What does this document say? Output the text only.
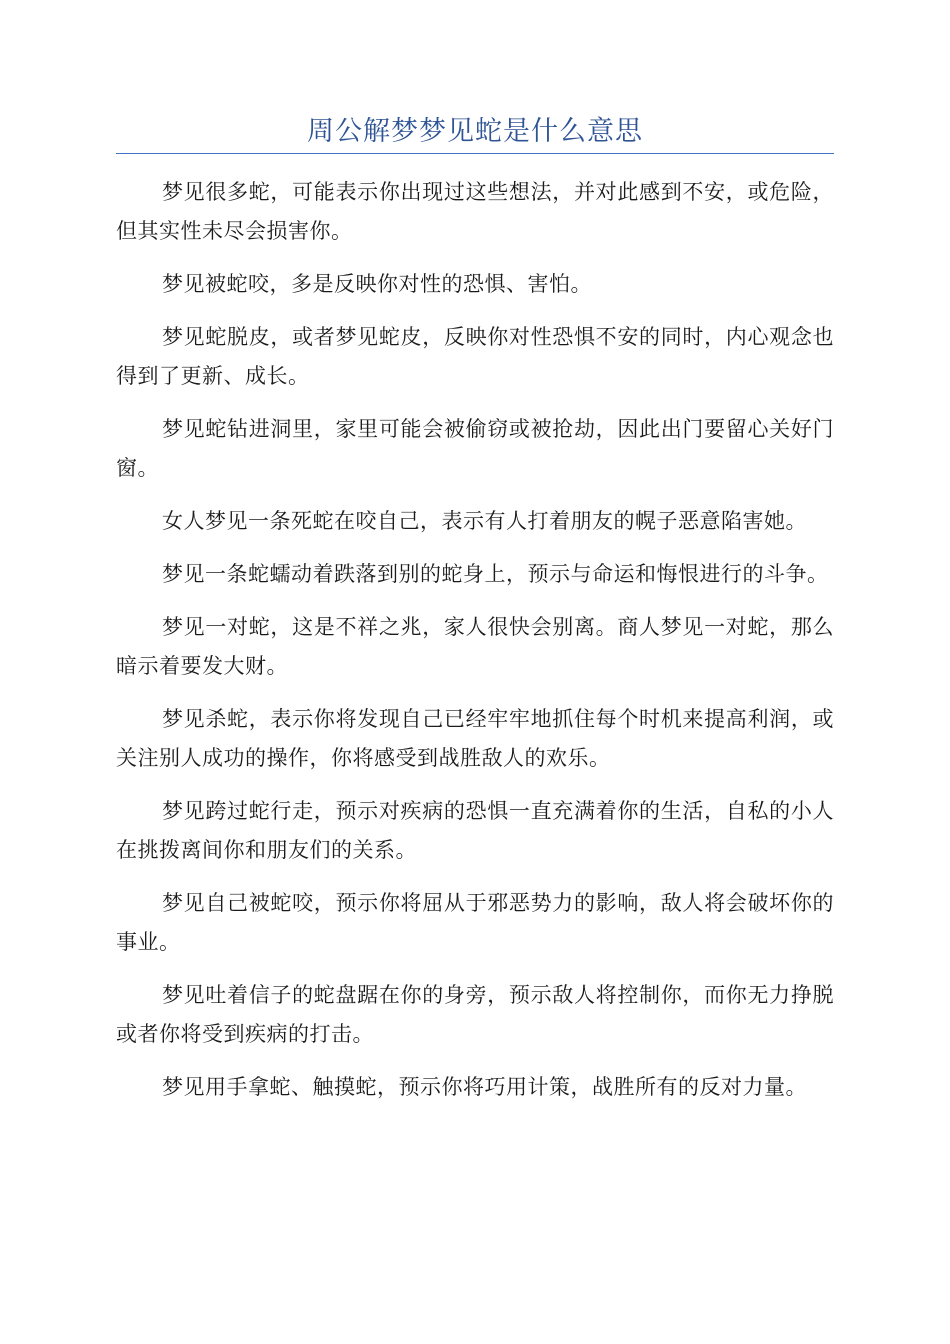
周公解梦梦见蛇是什么意思

梦见很多蛇，可能表示你出现过这些想法，并对此感到不安，或危险，但其实性未尽会损害你。

梦见被蛇咬，多是反映你对性的恐惧、害怕。

梦见蛇脱皮，或者梦见蛇皮，反映你对性恐惧不安的同时，内心观念也得到了更新、成长。

梦见蛇钻进洞里，家里可能会被偷窃或被抢劫，因此出门要留心关好门窗。

女人梦见一条死蛇在咬自己，表示有人打着朋友的幌子恶意陷害她。

梦见一条蛇蠕动着跌落到别的蛇身上，预示与命运和悔恨进行的斗争。

梦见一对蛇，这是不祥之兆，家人很快会别离。商人梦见一对蛇，那么暗示着要发大财。

梦见杀蛇，表示你将发现自己已经牢牢地抓住每个时机来提高利润，或关注别人成功的操作，你将感受到战胜敌人的欢乐。

梦见跨过蛇行走，预示对疾病的恐惧一直充满着你的生活，自私的小人在挑拨离间你和朋友们的关系。

梦见自己被蛇咬，预示你将屈从于邪恶势力的影响，敌人将会破坏你的事业。

梦见吐着信子的蛇盘踞在你的身旁，预示敌人将控制你，而你无力挣脱或者你将受到疾病的打击。

梦见用手拿蛇、触摸蛇，预示你将巧用计策，战胜所有的反对力量。
